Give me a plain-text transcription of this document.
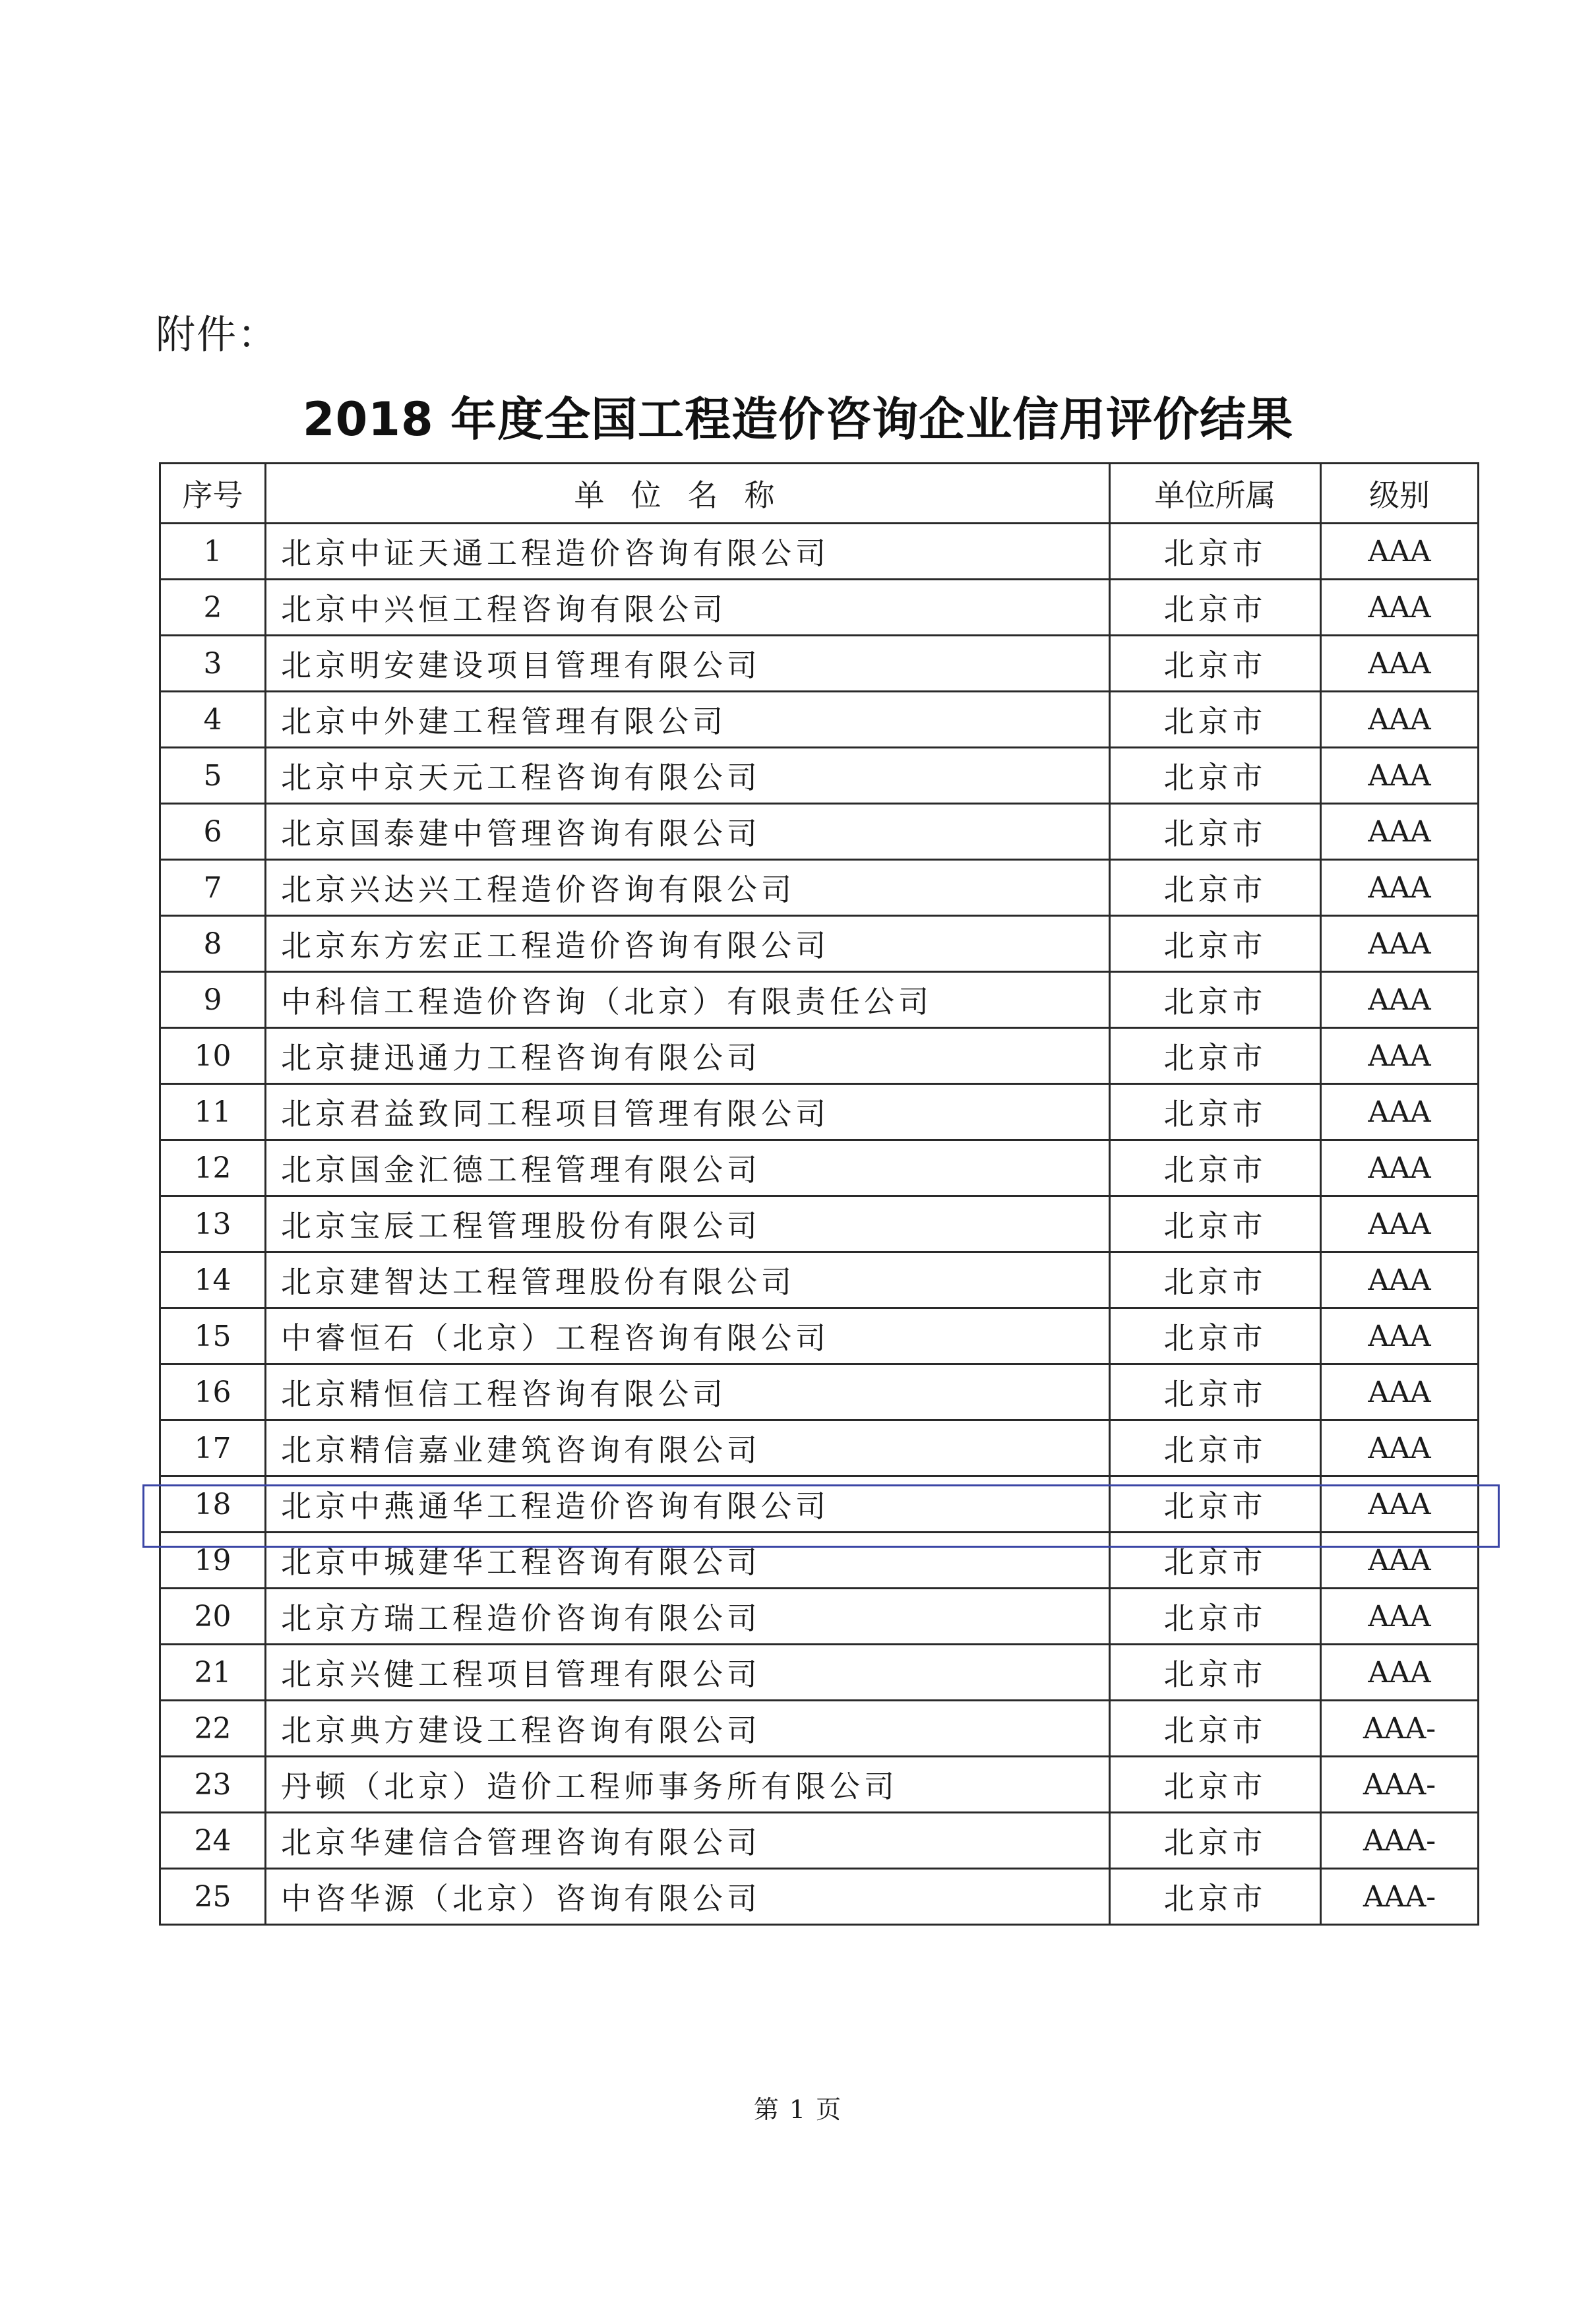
附件：
2018 年度全国工程造价咨询企业信用评价结果
序号	单位名称	单位所属	级别
1	北京中证天通工程造价咨询有限公司	北京市	AAA
2	北京中兴恒工程咨询有限公司	北京市	AAA
3	北京明安建设项目管理有限公司	北京市	AAA
4	北京中外建工程管理有限公司	北京市	AAA
5	北京中京天元工程咨询有限公司	北京市	AAA
6	北京国泰建中管理咨询有限公司	北京市	AAA
7	北京兴达兴工程造价咨询有限公司	北京市	AAA
8	北京东方宏正工程造价咨询有限公司	北京市	AAA
9	中科信工程造价咨询（北京）有限责任公司	北京市	AAA
10	北京捷迅通力工程咨询有限公司	北京市	AAA
11	北京君益致同工程项目管理有限公司	北京市	AAA
12	北京国金汇德工程管理有限公司	北京市	AAA
13	北京宝辰工程管理股份有限公司	北京市	AAA
14	北京建智达工程管理股份有限公司	北京市	AAA
15	中睿恒石（北京）工程咨询有限公司	北京市	AAA
16	北京精恒信工程咨询有限公司	北京市	AAA
17	北京精信嘉业建筑咨询有限公司	北京市	AAA
18	北京中燕通华工程造价咨询有限公司	北京市	AAA
19	北京中城建华工程咨询有限公司	北京市	AAA
20	北京方瑞工程造价咨询有限公司	北京市	AAA
21	北京兴健工程项目管理有限公司	北京市	AAA
22	北京典方建设工程咨询有限公司	北京市	AAA-
23	丹顿（北京）造价工程师事务所有限公司	北京市	AAA-
24	北京华建信合管理咨询有限公司	北京市	AAA-
25	中咨华源（北京）咨询有限公司	北京市	AAA-
第 1 页
